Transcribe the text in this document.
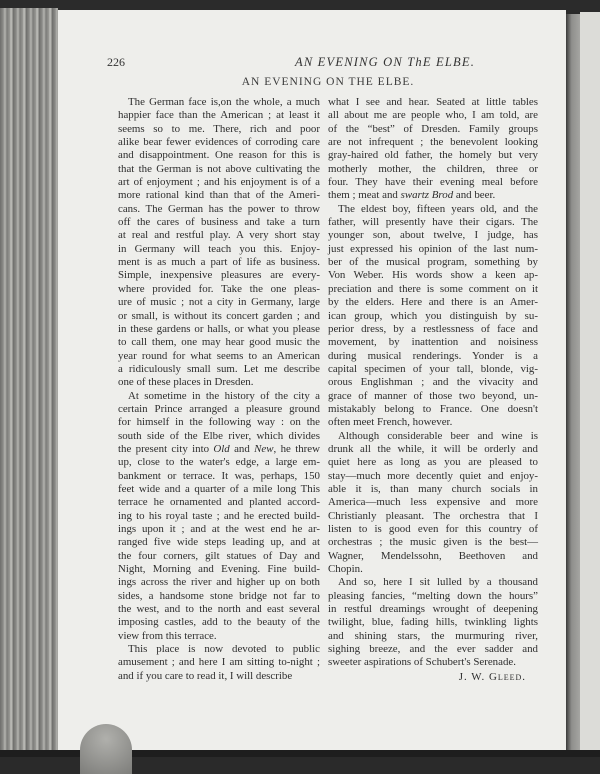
226	AN EVENING ON ThE ELBE.
AN EVENING ON THE ELBE.
The German face is,on the whole, a much
happier face than the American ; at least it
seems so to me. There, rich and poor
alike bear fewer evidences of corroding care
and disappointment. One reason for this is
that the German is not above cultivating the
art of enjoyment ; and his enjoyment is of a
more rational kind than that of the Ameri-
cans. The German has the power to throw
off the cares of business and take a turn
at real and restful play. A very short stay
in Germany will teach you this. Enjoy-
ment is as much a part of life as business.
Simple, inexpensive pleasures are every-
where provided for. Take the one pleas-
ure of music ; not a city in Germany, large
or small, is without its concert garden ; and
in these gardens or halls, or what you please
to call them, one may hear good music the
year round for what seems to an American
a ridiculously small sum. Let me describe
one of these places in Dresden.
At sometime in the history of the city a
certain Prince arranged a pleasure ground
for himself in the following way : on the
south side of the Elbe river, which divides
the present city into Old and New, he threw
up, close to the water's edge, a large em-
bankment or terrace. It was, perhaps, 150
feet wide and a quarter of a mile long This
terrace he ornamented and planted accord-
ing to his royal taste ; and he erected build-
ings upon it ; and at the west end he ar-
ranged five wide steps leading up, and at
the four corners, gilt statues of Day and
Night, Morning and Evening. Fine build-
ings across the river and higher up on both
sides, a handsome stone bridge not far to
the west, and to the north and east several
imposing castles, add to the beauty of the
view from this terrace.
This place is now devoted to public
amusement ; and here I am sitting to-night ;
and if you care to read it, I will describe
what I see and hear. Seated at little tables
all about me are people who, I am told, are
of the “best” of Dresden. Family groups
are not infrequent ; the benevolent looking
gray-haired old father, the homely but very
motherly mother, the children, three or
four. They have their evening meal before
them ; meat and swartz Brod and beer.
The eldest boy, fifteen years old, and the
father, will presently have their cigars. The
younger son, about twelve, I judge, has
just expressed his opinion of the last num-
ber of the musical program, something by
Von Weber. His words show a keen ap-
preciation and there is some comment on it
by the elders. Here and there is an Amer-
ican group, which you distinguish by su-
perior dress, by a restlessness of face and
movement, by inattention and noisiness
during musical renderings. Yonder is a
capital specimen of your tall, blonde, vig-
orous Englishman ; and the vivacity and
grace of manner of those two beyond, un-
mistakably belong to France. One doesn't
often meet French, however.
Although considerable beer and wine is
drunk all the while, it will be orderly and
quiet here as long as you are pleased to
stay—much more decently quiet and enjoy-
able it is, than many church socials in
America—much less expensive and more
Christianly pleasant. The orchestra that I
listen to is good even for this country of
orchestras ; the music given is the best—
Wagner, Mendelssohn, Beethoven and
Chopin.
And so, here I sit lulled by a thousand
pleasing fancies, “melting down the hours”
in restful dreamings wrought of deepening
twilight, blue, fading hills, twinkling lights
and shining stars, the murmuring river,
sighing breeze, and the ever sadder and
sweeter aspirations of Schubert's Serenade.
J. W. Gleed.
